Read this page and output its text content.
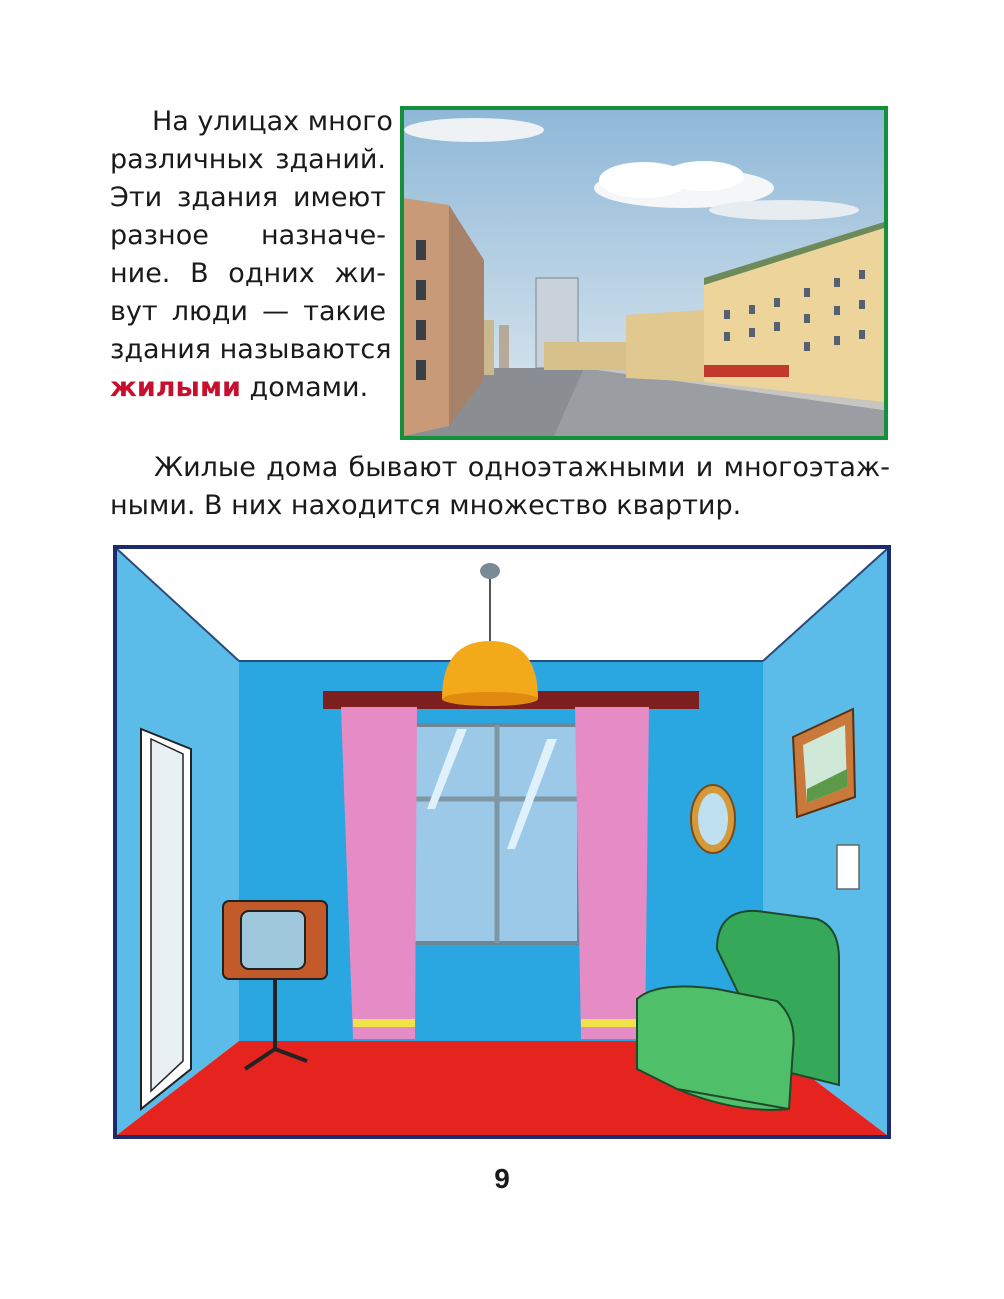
На улицах много
различных зданий.
Эти здания имеют
разное назначе-
ние. В одних жи-
вут люди — такие
здания называются
жилыми домами.
Жилые дома бывают одноэтажными и многоэтаж-
ными. В них находится множество квартир.
9
